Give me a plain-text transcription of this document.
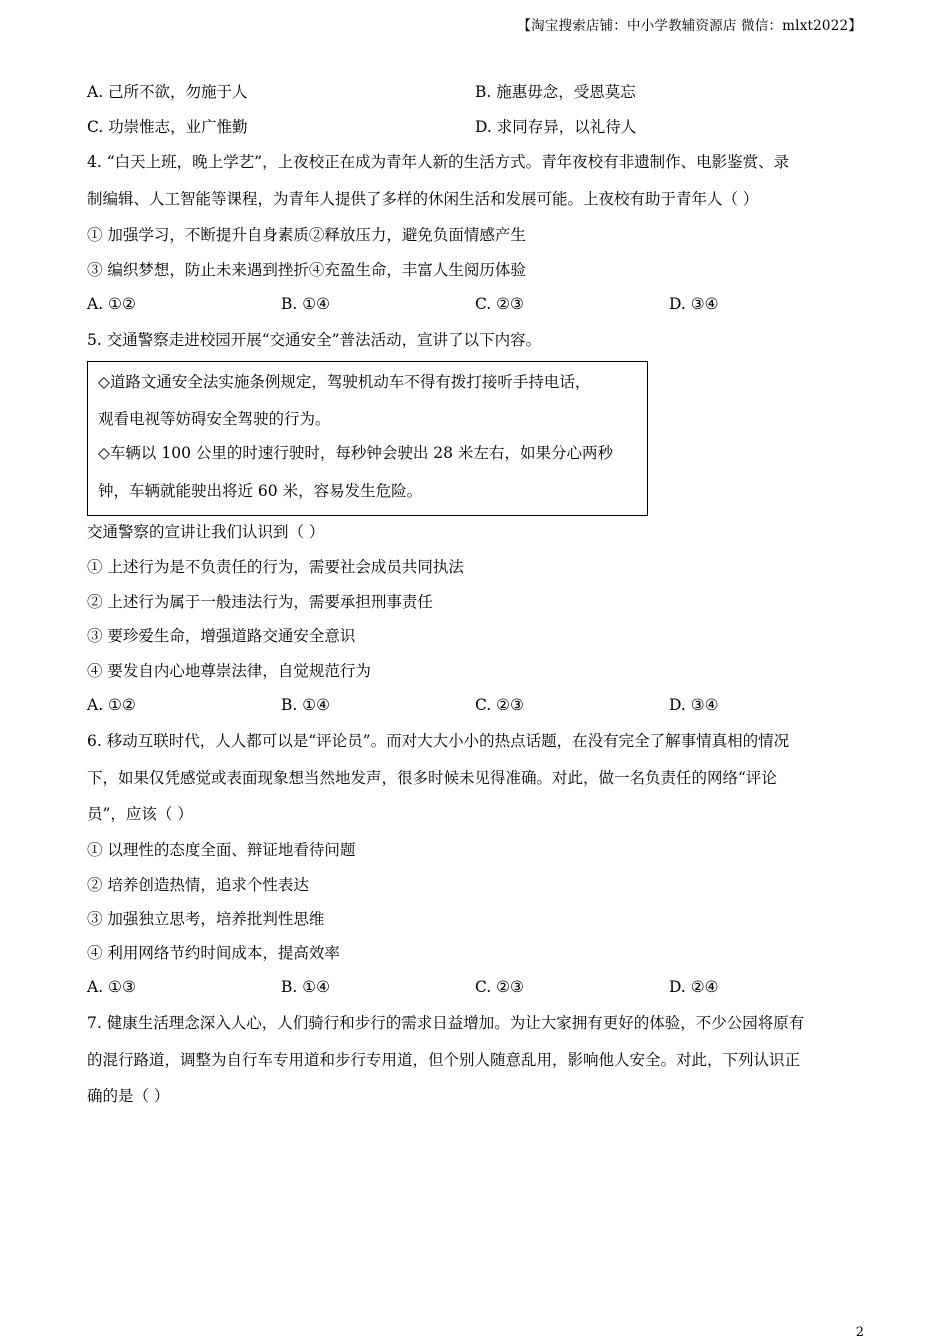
【淘宝搜索店铺：中小学教辅资源店 微信：mlxt2022】
A. 己所不欲，勿施于人	B. 施惠毋念，受恩莫忘
C. 功崇惟志，业广惟勤	D. 求同存异，以礼待人
4. “白天上班，晚上学艺”，上夜校正在成为青年人新的生活方式。青年夜校有非遗制作、电影鉴赏、录
制编辑、人工智能等课程，为青年人提供了多样的休闲生活和发展可能。上夜校有助于青年人（ ）
① 加强学习，不断提升自身素质②释放压力，避免负面情感产生
③ 编织梦想，防止未来遇到挫折④充盈生命，丰富人生阅历体验
A. ①②	B. ①④	C. ②③	D. ③④
5. 交通警察走进校园开展“交通安全”普法活动，宣讲了以下内容。
◇道路文通安全法实施条例规定，驾驶机动车不得有拨打接听手持电话，
观看电视等妨碍安全驾驶的行为。
◇车辆以 100 公里的时速行驶时，每秒钟会驶出 28 米左右，如果分心两秒
钟，车辆就能驶出将近 60 米，容易发生危险。
交通警察的宣讲让我们认识到（ ）
① 上述行为是不负责任的行为，需要社会成员共同执法
② 上述行为属于一般违法行为，需要承担刑事责任
③ 要珍爱生命，增强道路交通安全意识
④ 要发自内心地尊崇法律，自觉规范行为
A. ①②	B. ①④	C. ②③	D. ③④
6. 移动互联时代，人人都可以是“评论员”。而对大大小小的热点话题，在没有完全了解事情真相的情况
下，如果仅凭感觉或表面现象想当然地发声，很多时候未见得准确。对此，做一名负责任的网络“评论
员”，应该（ ）
① 以理性的态度全面、辩证地看待问题
② 培养创造热情，追求个性表达
③ 加强独立思考，培养批判性思维
④ 利用网络节约时间成本，提高效率
A. ①③	B. ①④	C. ②③	D. ②④
7. 健康生活理念深入人心，人们骑行和步行的需求日益增加。为让大家拥有更好的体验，不少公园将原有
的混行路道，调整为自行车专用道和步行专用道，但个别人随意乱用，影响他人安全。对此，下列认识正
确的是（ ）
2
